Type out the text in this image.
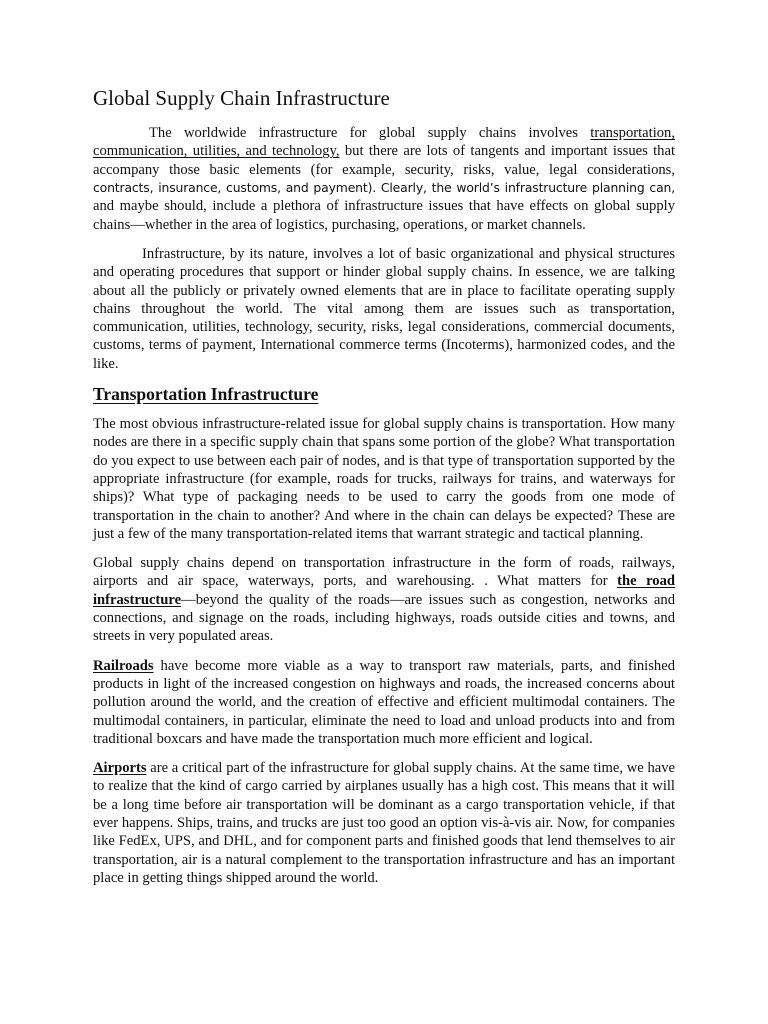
Global Supply Chain Infrastructure

The worldwide infrastructure for global supply chains involves transportation, communication, utilities, and technology, but there are lots of tangents and important issues that accompany those basic elements (for example, security, risks, value, legal considerations, contracts, insurance, customs, and payment). Clearly, the world’s infrastructure planning can, and maybe should, include a plethora of infrastructure issues that have effects on global supply chains—whether in the area of logistics, purchasing, operations, or market channels.

Infrastructure, by its nature, involves a lot of basic organizational and physical structures and operating procedures that support or hinder global supply chains. In essence, we are talking about all the publicly or privately owned elements that are in place to facilitate operating supply chains throughout the world. The vital among them are issues such as transportation, communication, utilities, technology, security, risks, legal considerations, commercial documents, customs, terms of payment, International commerce terms (Incoterms), harmonized codes, and the like.

Transportation Infrastructure

The most obvious infrastructure-related issue for global supply chains is transportation. How many nodes are there in a specific supply chain that spans some portion of the globe? What transportation do you expect to use between each pair of nodes, and is that type of transportation supported by the appropriate infrastructure (for example, roads for trucks, railways for trains, and waterways for ships)? What type of packaging needs to be used to carry the goods from one mode of transportation in the chain to another? And where in the chain can delays be expected? These are just a few of the many transportation-related items that warrant strategic and tactical planning.

Global supply chains depend on transportation infrastructure in the form of roads, railways, airports and air space, waterways, ports, and warehousing. . What matters for the road infrastructure—beyond the quality of the roads—are issues such as congestion, networks and connections, and signage on the roads, including highways, roads outside cities and towns, and streets in very populated areas.

Railroads have become more viable as a way to transport raw materials, parts, and finished products in light of the increased congestion on highways and roads, the increased concerns about pollution around the world, and the creation of effective and efficient multimodal containers. The multimodal containers, in particular, eliminate the need to load and unload products into and from traditional boxcars and have made the transportation much more efficient and logical.

Airports are a critical part of the infrastructure for global supply chains. At the same time, we have to realize that the kind of cargo carried by airplanes usually has a high cost. This means that it will be a long time before air transportation will be dominant as a cargo transportation vehicle, if that ever happens. Ships, trains, and trucks are just too good an option vis-à-vis air. Now, for companies like FedEx, UPS, and DHL, and for component parts and finished goods that lend themselves to air transportation, air is a natural complement to the transportation infrastructure and has an important place in getting things shipped around the world.
